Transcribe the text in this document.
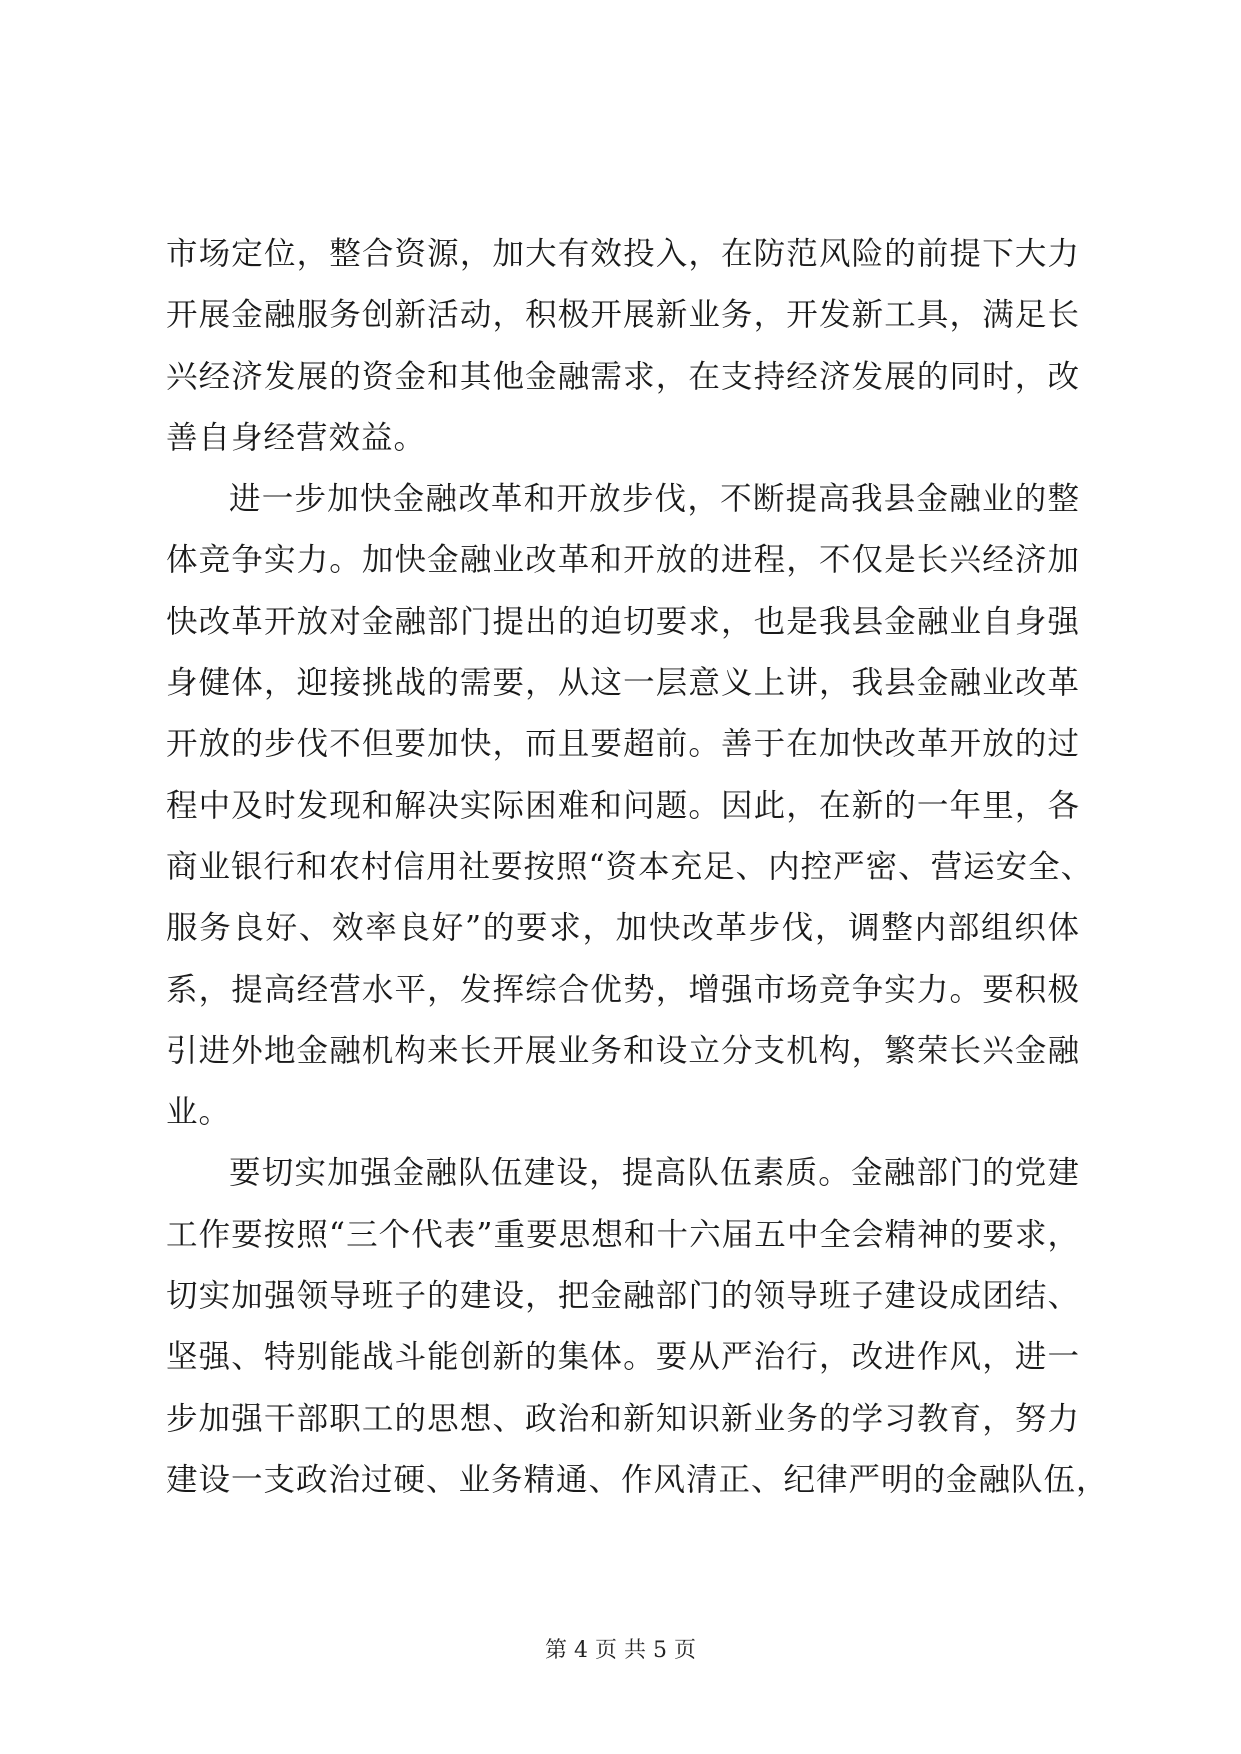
市场定位，整合资源，加大有效投入，在防范风险的前提下大力
开展金融服务创新活动，积极开展新业务，开发新工具，满足长
兴经济发展的资金和其他金融需求，在支持经济发展的同时，改
善自身经营效益。
进一步加快金融改革和开放步伐，不断提高我县金融业的整
体竞争实力。加快金融业改革和开放的进程，不仅是长兴经济加
快改革开放对金融部门提出的迫切要求，也是我县金融业自身强
身健体，迎接挑战的需要，从这一层意义上讲，我县金融业改革
开放的步伐不但要加快，而且要超前。善于在加快改革开放的过
程中及时发现和解决实际困难和问题。因此，在新的一年里，各
商业银行和农村信用社要按照“资本充足、内控严密、营运安全、
服务良好、效率良好”的要求，加快改革步伐，调整内部组织体
系，提高经营水平，发挥综合优势，增强市场竞争实力。要积极
引进外地金融机构来长开展业务和设立分支机构，繁荣长兴金融
业。
要切实加强金融队伍建设，提高队伍素质。金融部门的党建
工作要按照“三个代表”重要思想和十六届五中全会精神的要求，
切实加强领导班子的建设，把金融部门的领导班子建设成团结、
坚强、特别能战斗能创新的集体。要从严治行，改进作风，进一
步加强干部职工的思想、政治和新知识新业务的学习教育，努力
建设一支政治过硬、业务精通、作风清正、纪律严明的金融队伍，
第 4 页 共 5 页
